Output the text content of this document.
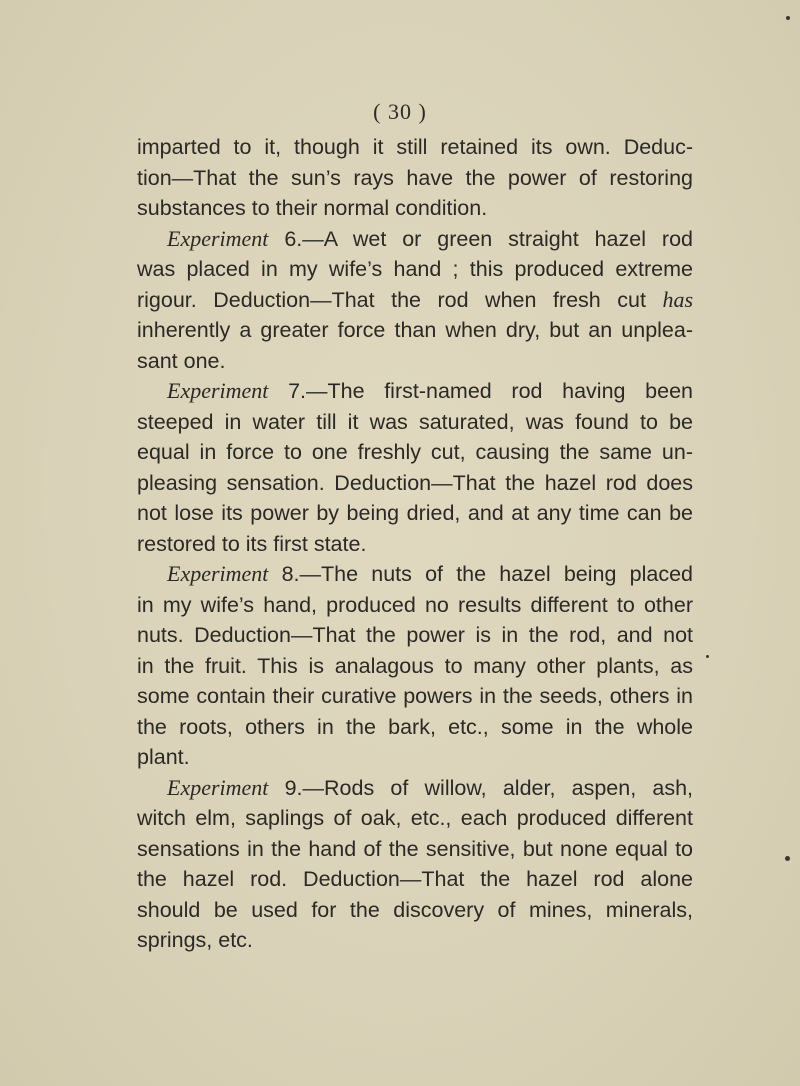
( 30 )
imparted to it, though it still retained its own. Deduc-
tion—That the sun’s rays have the power of restoring
substances to their normal condition.
Experiment 6.—A wet or green straight hazel rod
was placed in my wife’s hand ; this produced extreme
rigour. Deduction—That the rod when fresh cut has
inherently a greater force than when dry, but an unplea-
sant one.
Experiment 7.—The first-named rod having been
steeped in water till it was saturated, was found to be
equal in force to one freshly cut, causing the same un-
pleasing sensation. Deduction—That the hazel rod does
not lose its power by being dried, and at any time can be
restored to its first state.
Experiment 8.—The nuts of the hazel being placed
in my wife’s hand, produced no results different to other
nuts. Deduction—That the power is in the rod, and not
in the fruit. This is analagous to many other plants, as
some contain their curative powers in the seeds, others in
the roots, others in the bark, etc., some in the whole
plant.
Experiment 9.—Rods of willow, alder, aspen, ash,
witch elm, saplings of oak, etc., each produced different
sensations in the hand of the sensitive, but none equal to
the hazel rod. Deduction—That the hazel rod alone
should be used for the discovery of mines, minerals,
springs, etc.
